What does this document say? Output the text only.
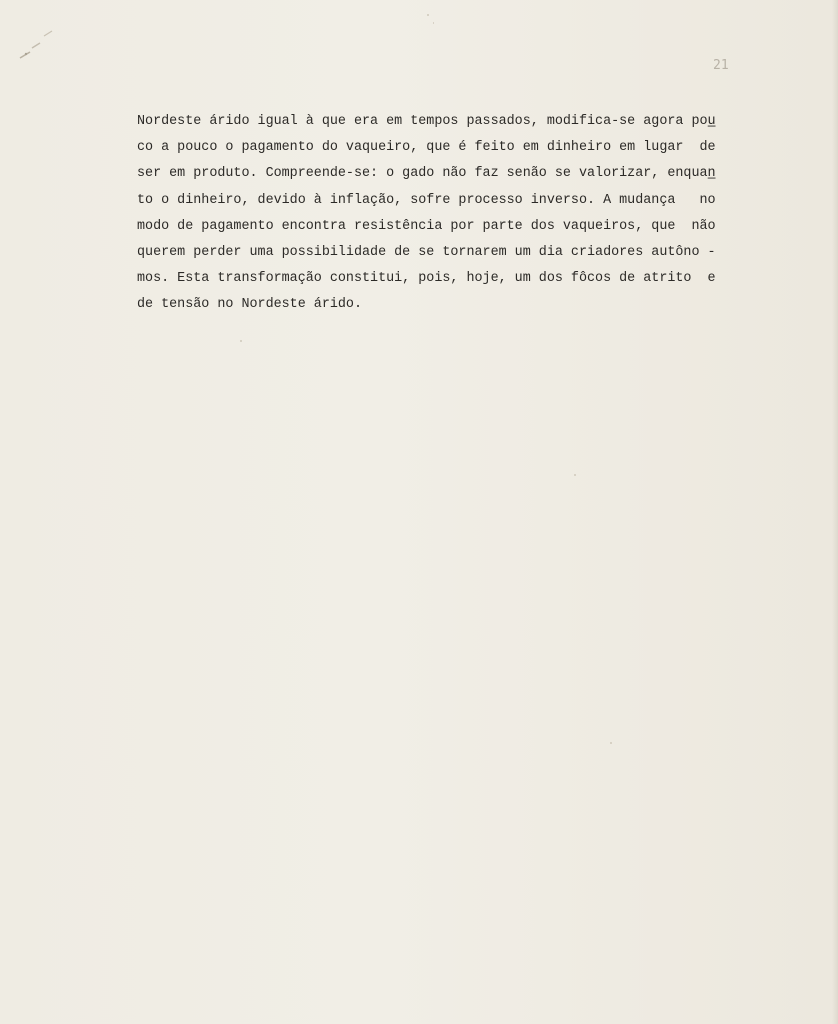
21
Nordeste árido igual à que era em tempos passados, modifica-se agora pou̲
co a pouco o pagamento do vaqueiro, que é feito em dinheiro em lugar  de
ser em produto. Compreende-se: o gado não faz senão se valorizar, enquan̲
to o dinheiro, devido à inflação, sofre processo inverso. A mudança   no
modo de pagamento encontra resistência por parte dos vaqueiros, que  não
querem perder uma possibilidade de se tornarem um dia criadores autôno -
mos. Esta transformação constitui, pois, hoje, um dos fôcos de atrito  e
de tensão no Nordeste árido.
